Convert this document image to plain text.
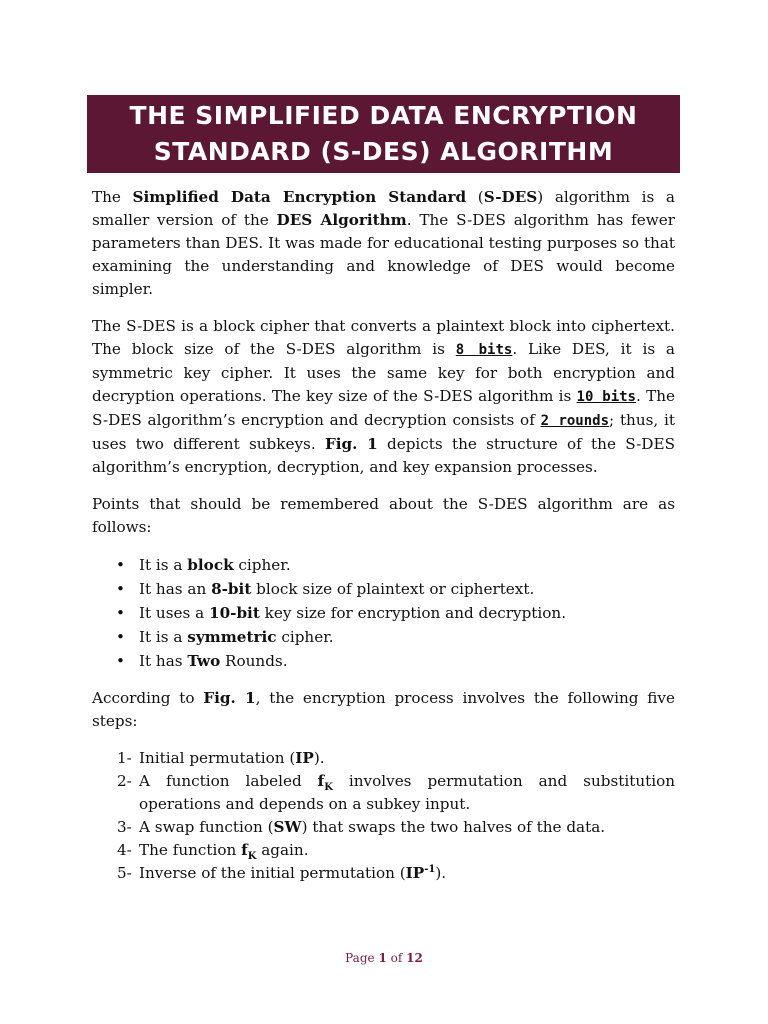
THE SIMPLIFIED DATA ENCRYPTION
STANDARD (S-DES) ALGORITHM

The Simplified Data Encryption Standard (S-DES) algorithm is a smaller version of the DES Algorithm. The S-DES algorithm has fewer parameters than DES. It was made for educational testing purposes so that examining the understanding and knowledge of DES would become simpler.

The S-DES is a block cipher that converts a plaintext block into ciphertext. The block size of the S-DES algorithm is 8 bits. Like DES, it is a symmetric key cipher. It uses the same key for both encryption and decryption operations. The key size of the S-DES algorithm is 10 bits. The S-DES algorithm’s encryption and decryption consists of 2 rounds; thus, it uses two different subkeys. Fig. 1 depicts the structure of the S-DES algorithm’s encryption, decryption, and key expansion processes.

Points that should be remembered about the S-DES algorithm are as follows:

• It is a block cipher.
• It has an 8-bit block size of plaintext or ciphertext.
• It uses a 10-bit key size for encryption and decryption.
• It is a symmetric cipher.
• It has Two Rounds.

According to Fig. 1, the encryption process involves the following five steps:

1- Initial permutation (IP).
2- A function labeled $f_K$ involves permutation and substitution operations and depends on a subkey input.
3- A swap function (SW) that swaps the two halves of the data.
4- The function $f_K$ again.
5- Inverse of the initial permutation $(IP^{-1})$.
Page 1 of 12
